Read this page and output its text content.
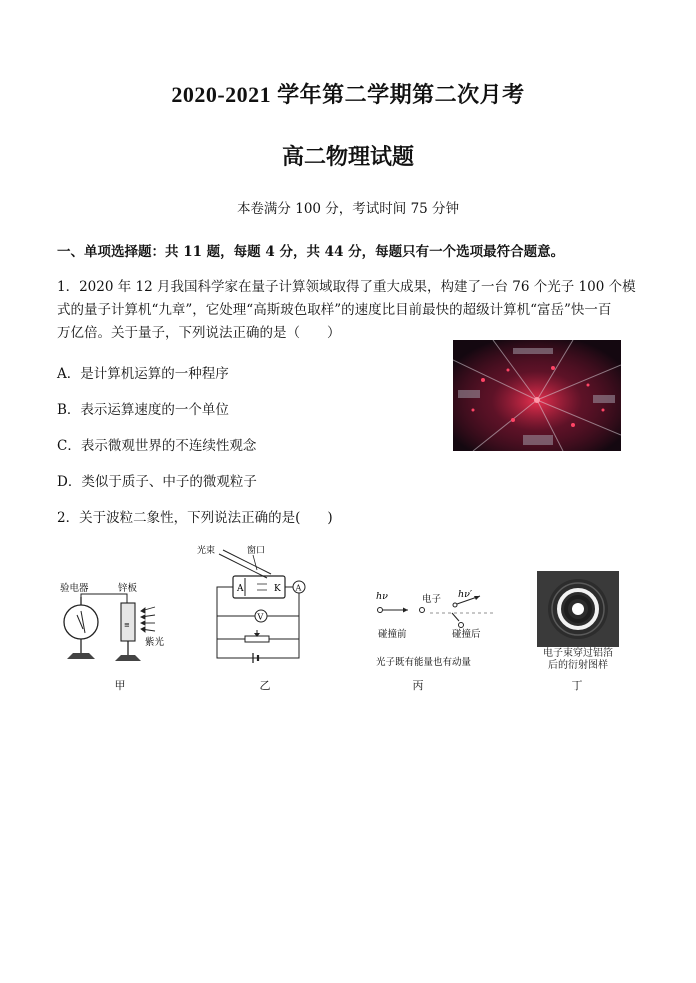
2020-2021 学年第二学期第二次月考
高二物理试题
本卷满分 100 分，考试时间 75 分钟
一、单项选择题：共 11 题，每题 4 分，共 44 分，每题只有一个选项最符合题意。
1．2020 年 12 月我国科学家在量子计算领域取得了重大成果，构建了一台 76 个光子 100 个模
式的量子计算机“九章”，它处理“高斯玻色取样”的速度比目前最快的超级计算机“富岳”快一百
万亿倍。关于量子，下列说法正确的是（　　）
A．是计算机运算的一种程序
B．表示运算速度的一个单位
C．表示微观世界的不连续性观念
D．类似于质子、中子的微观粒子
2．关于波粒二象性，下列说法正确的是(　　)
验电器	锌板
≡
紫光
甲
光束	窗口
A	K A
V
乙
hν	电子
碰撞前
hν′
碰撞后
光子既有能量也有动量
丙
电子束穿过铝箔
后的衍射图样
丁
